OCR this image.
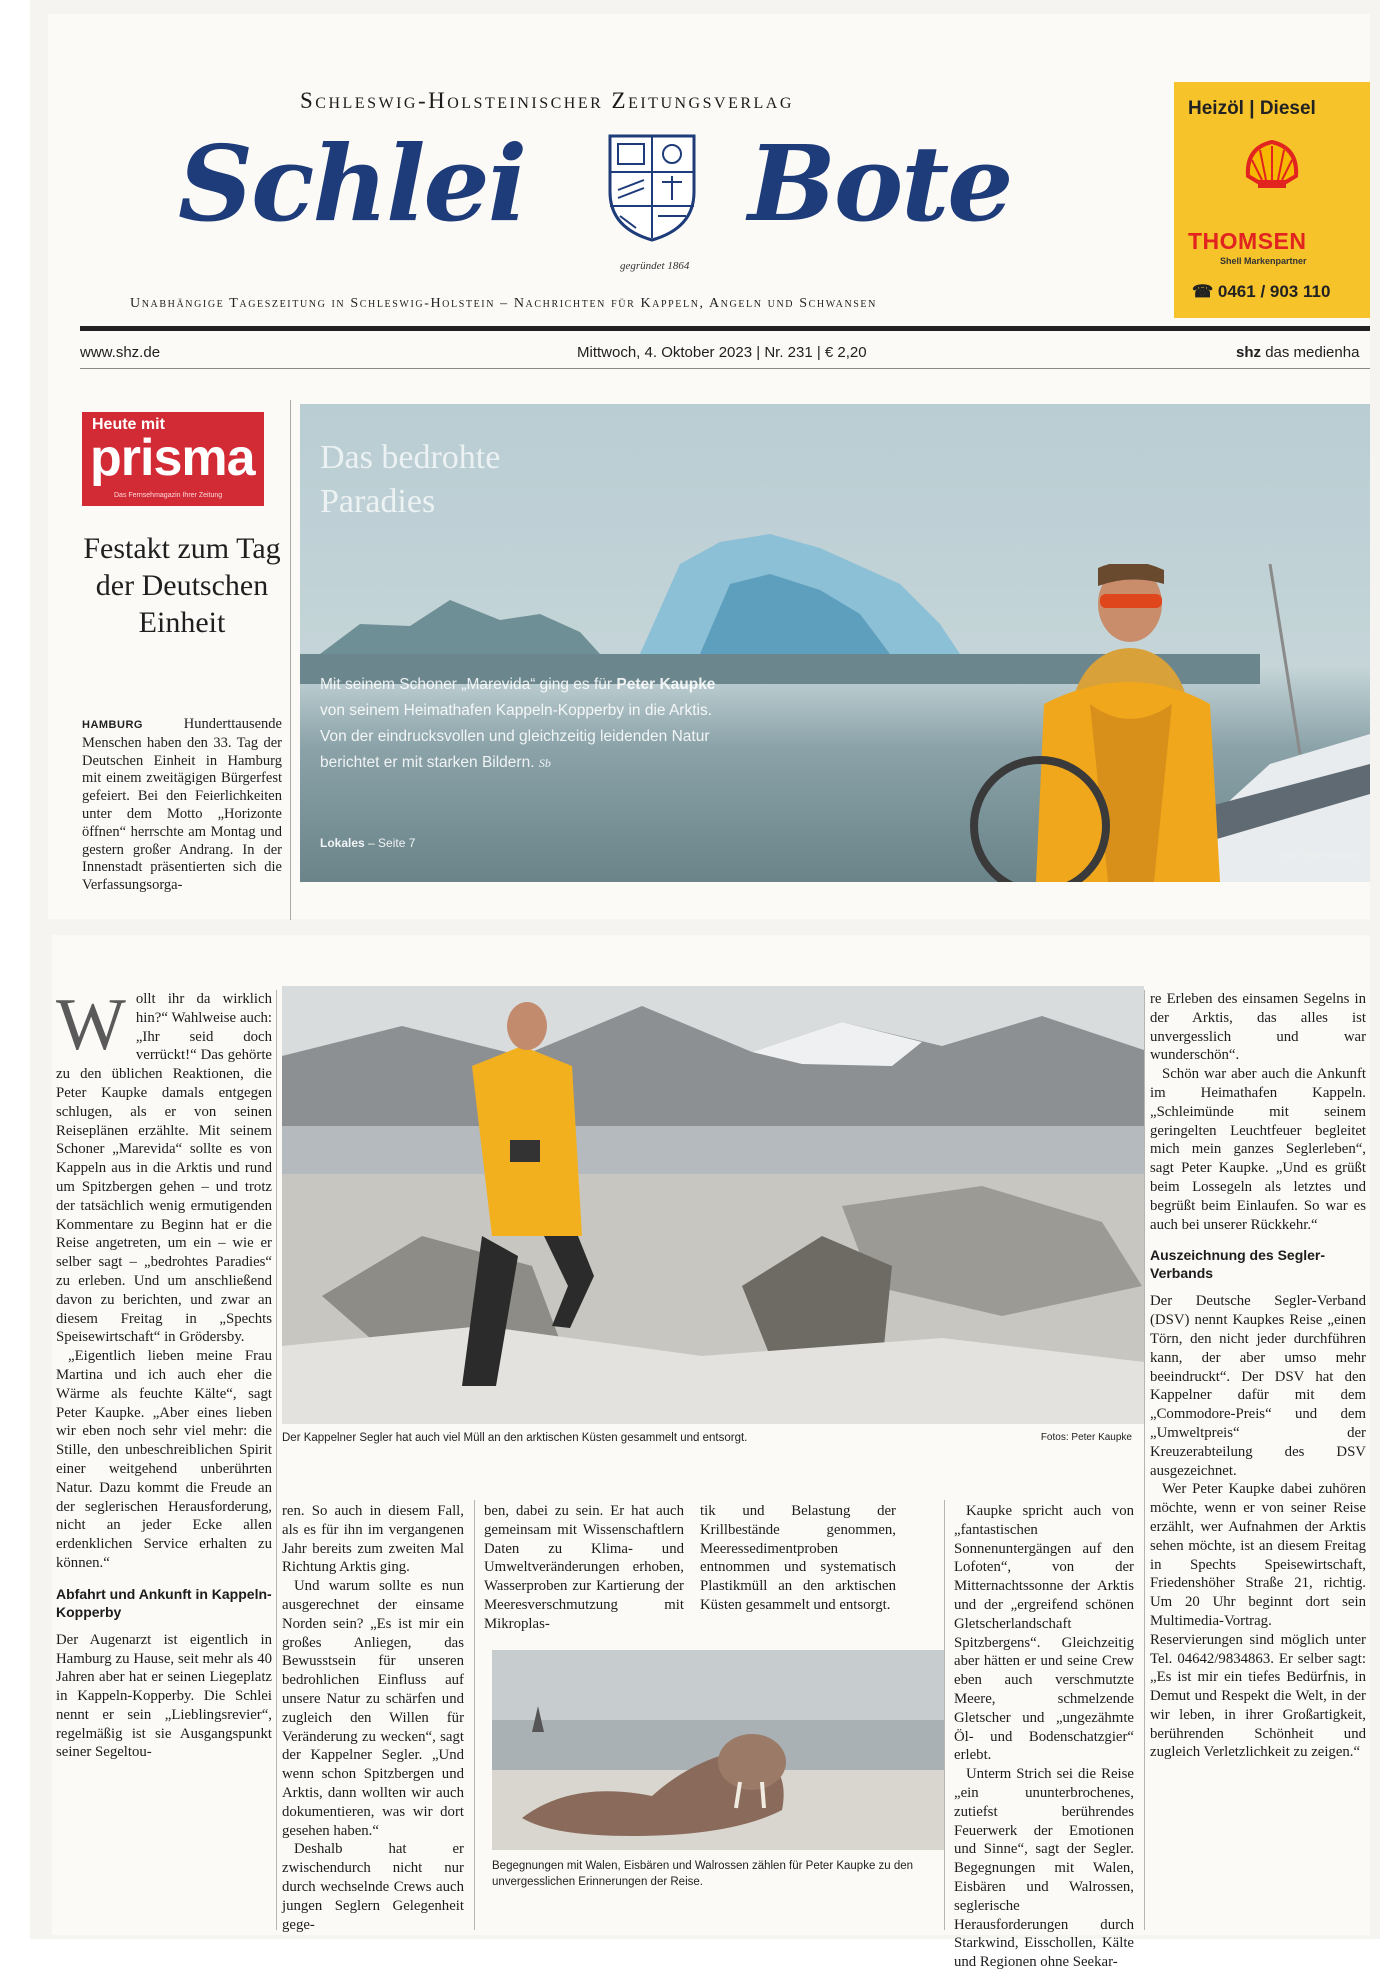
Schleswig-Holsteinischer Zeitungsverlag
Schlei Bote
gegründet 1864
Unabhängige Tageszeitung in Schleswig-Holstein – Nachrichten für Kappeln, Angeln und Schwansen
www.shz.de	Mittwoch, 4. Oktober 2023 | Nr. 231 | € 2,20	shz das medienha
Heizöl | Diesel
THOMSEN
Shell Markenpartner
☎ 0461 / 903 110
Heute mit
prisma
Das Fernsehmagazin Ihrer Zeitung
Festakt zum Tag der Deutschen Einheit
HAMBURG	Hunderttausende Menschen haben den 33. Tag der Deutschen Einheit in Hamburg mit einem zweitägigen Bürgerfest gefeiert. Bei den Feierlichkeiten unter dem Motto „Horizonte öffnen“ herrschte am Montag und gestern großer Andrang. In der Innenstadt präsentierten sich die Verfassungsorga-
Das bedrohte
Paradies
Mit seinem Schoner „Marevida“ ging es für Peter Kaupke von seinem Heimathafen Kappeln-Kopperby in die Arktis. Von der eindrucksvollen und gleichzeitig leidenden Natur berichtet er mit starken Bildern. Sb
Lokales – Seite 7
Foto: Peter Kaupke

Wollt ihr da wirklich hin?“ Wahlweise auch: „Ihr seid doch verrückt!“ Das gehörte zu den üblichen Reaktionen, die Peter Kaupke damals entgegen schlugen, als er von seinen Reiseplänen erzählte. Mit seinem Schoner „Marevida“ sollte es von Kappeln aus in die Arktis und rund um Spitzbergen gehen – und trotz der tatsächlich wenig ermutigenden Kommentare zu Beginn hat er die Reise angetreten, um ein – wie er selber sagt – „bedrohtes Paradies“ zu erleben. Und um anschließend davon zu berichten, und zwar an diesem Freitag in „Spechts Speisewirtschaft“ in Grödersby.

„Eigentlich lieben meine Frau Martina und ich auch eher die Wärme als feuchte Kälte“, sagt Peter Kaupke. „Aber eines lieben wir eben noch sehr viel mehr: die Stille, den unbeschreiblichen Spirit einer weitgehend unberührten Natur. Dazu kommt die Freude an der seglerischen Herausforderung, nicht an jeder Ecke allen erdenklichen Service erhalten zu können.“

Abfahrt und Ankunft in Kappeln-Kopperby

Der Augenarzt ist eigentlich in Hamburg zu Hause, seit mehr als 40 Jahren aber hat er seinen Liegeplatz in Kappeln-Kopperby. Die Schlei nennt er sein „Lieblingsrevier“, regelmäßig ist sie Ausgangspunkt seiner Segeltou-

Der Kappelner Segler hat auch viel Müll an den arktischen Küsten gesammelt und entsorgt.	Fotos: Peter Kaupke

ren. So auch in diesem Fall, als es für ihn im vergangenen Jahr bereits zum zweiten Mal Richtung Arktis ging.

Und warum sollte es nun ausgerechnet der einsame Norden sein? „Es ist mir ein großes Anliegen, das Bewusstsein für unseren bedrohlichen Einfluss auf unsere Natur zu schärfen und zugleich den Willen für Veränderung zu wecken“, sagt der Kappelner Segler. „Und wenn schon Spitzbergen und Arktis, dann wollten wir auch dokumentieren, was wir dort gesehen haben.“

Deshalb hat er zwischendurch nicht nur durch wechselnde Crews auch jungen Seglern Gelegenheit gege-

ben, dabei zu sein. Er hat auch gemeinsam mit Wissenschaftlern Daten zu Klima- und Umweltveränderungen erhoben, Wasserproben zur Kartierung der Meeresverschmutzung mit Mikroplas-

tik und Belastung der Krillbestände genommen, Meeressedimentproben entnommen und systematisch Plastikmüll an den arktischen Küsten gesammelt und entsorgt.

Begegnungen mit Walen, Eisbären und Walrossen zählen für Peter Kaupke zu den unvergesslichen Erinnerungen der Reise.

Kaupke spricht auch von „fantastischen Sonnenuntergängen auf den Lofoten“, von der Mitternachtssonne der Arktis und der „ergreifend schönen Gletscherlandschaft Spitzbergens“. Gleichzeitig aber hätten er und seine Crew eben auch verschmutzte Meere, schmelzende Gletscher und „ungezähmte Öl- und Bodenschatzgier“ erlebt.

Unterm Strich sei die Reise „ein ununterbrochenes, zutiefst berührendes Feuerwerk der Emotionen und Sinne“, sagt der Segler. Begegnungen mit Walen, Eisbären und Walrossen, seglerische Herausforderungen durch Starkwind, Eisschollen, Kälte und Regionen ohne Seekar-

re Erleben des einsamen Segelns in der Arktis, das alles ist unvergesslich und war wunderschön“.

Schön war aber auch die Ankunft im Heimathafen Kappeln. „Schleimünde mit seinem geringelten Leuchtfeuer begleitet mich mein ganzes Seglerleben“, sagt Peter Kaupke. „Und es grüßt beim Lossegeln als letztes und begrüßt beim Einlaufen. So war es auch bei unserer Rückkehr.“

Auszeichnung des Segler-Verbands

Der Deutsche Segler-Verband (DSV) nennt Kaupkes Reise „einen Törn, den nicht jeder durchführen kann, der aber umso mehr beeindruckt“. Der DSV hat den Kappelner dafür mit dem „Commodore-Preis“ und dem „Umweltpreis“ der Kreuzerabteilung des DSV ausgezeichnet.

Wer Peter Kaupke dabei zuhören möchte, wenn er von seiner Reise erzählt, wer Aufnahmen der Arktis sehen möchte, ist an diesem Freitag in Spechts Speisewirtschaft, Friedenshöher Straße 21, richtig. Um 20 Uhr beginnt dort sein Multimedia-Vortrag. Reservierungen sind möglich unter Tel. 04642/9834863. Er selber sagt: „Es ist mir ein tiefes Bedürfnis, in Demut und Respekt die Welt, in der wir leben, in ihrer Großartigkeit, berührenden Schönheit und zugleich Verletzlichkeit zu zeigen.“
